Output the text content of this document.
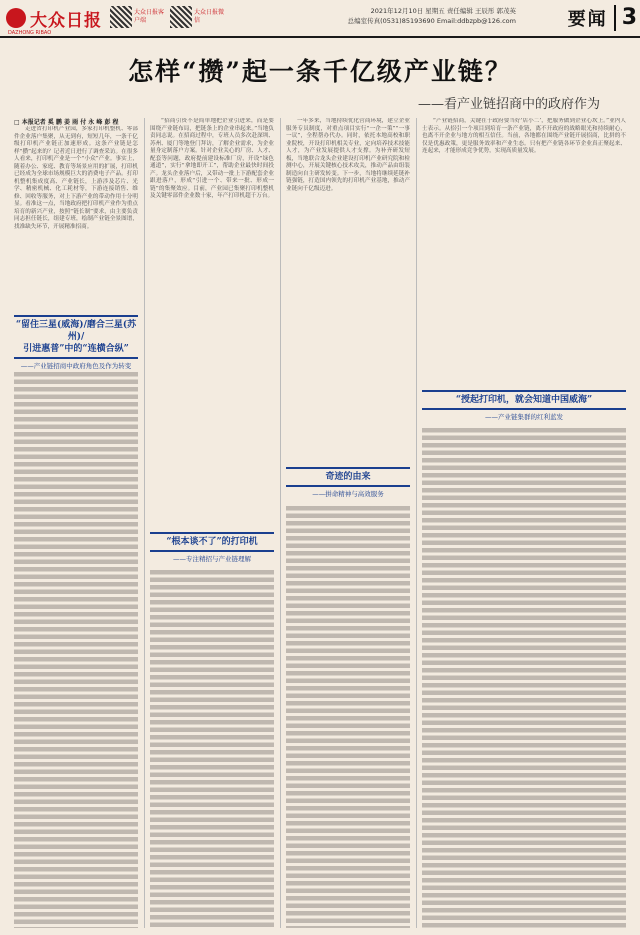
大众日报
DAZHONG RIBAO
大众日报客户端
大众日报微信
2021年12月10日 星期五 责任编辑 王辰彤 郭茂英
总编室传真(0531)85193690 Email:ddbzpb@126.com	要闻 3
怎样“攒”起一条千亿级产业链？
——看产业链招商中的政府作为
□ 本报记者 奚 鹏 姜 雨 付 永 峰 彭 程

走进省打印机产业园，多家打印机整机、零部件企业落户集聚，从无到有，短短几年，一条千亿级打印机产业链正加速形成。这条产业链是怎样“攒”起来的？记者近日进行了调查采访。在很多人看来，打印机产业是一个“小众”产业。事实上，随着办公、家庭、教育等场景应用的扩展，打印机已经成为全球市场规模巨大的消费电子产品。打印机整机集成度高、产业链长，上游涉及芯片、光学、精密机械、化工耗材等，下游连接销售、维修、回收等服务，对上下游产业的带动作用十分明显。看准这一点，当地政府把打印机产业作为重点培育的新兴产业，按照“链长制”要求，由主要负责同志担任链长，组建专班，绘制产业链全景图谱，找准缺失环节，开展精准招商。

“留住三星(威海)/磨合三星(苏州)/
引进惠普”中的“连横合纵”
——产业链招商中政府角色及作为转变

“招商引资不是简单地把企业引进来，而是要围绕产业链布局，把链条上的企业串起来。”当地负责同志说。在招商过程中，专班人员多次赴深圳、苏州、厦门等地登门拜访，了解企业需求，为企业量身定制落户方案。针对企业关心的厂房、人才、配套等问题，政府提前建设标准厂房，开设“绿色通道”，实行“拿地即开工”，帮助企业最快时间投产。龙头企业落户后，又带动一批上下游配套企业跟进落户，形成“引进一个、带来一批、形成一链”的集聚效应。目前，产业园已集聚打印机整机及关键零部件企业数十家，年产打印机超千万台。

“根本谈不了”的打印机
——专注精招与产业链理解

一年多来，当地持续优化营商环境，建立企业服务专员制度，对重点项目实行“一企一策”“一事一议”，全程帮办代办。同时，依托本地高校和职业院校，开设打印机相关专业，定向培养技术技能人才，为产业发展提供人才支撑。为补齐研发短板，当地联合龙头企业建设打印机产业研究院和检测中心，开展关键核心技术攻关，推动产品由组装制造向自主研发转变。下一步，当地将继续延链补链强链，打造国内领先的打印机产业基地，推动产业链向千亿级迈进。

奇迹的由来
——拼命精神与高效服务

“产业链招商，关键在于政府要当好‘店小二’，把服务做到企业心坎上。”业内人士表示。从招引一个项目到培育一条产业链，离不开政府的战略眼光和持续耐心，也离不开企业与地方的相互信任。当前，各地都在围绕产业链开展招商，比拼的不仅是优惠政策，更是服务效率和产业生态。只有把产业链各环节企业真正聚起来、连起来，才能形成竞争优势，实现高质量发展。

“授起打印机，就会知道中国威海”
——产业链集群的红利蓝发
